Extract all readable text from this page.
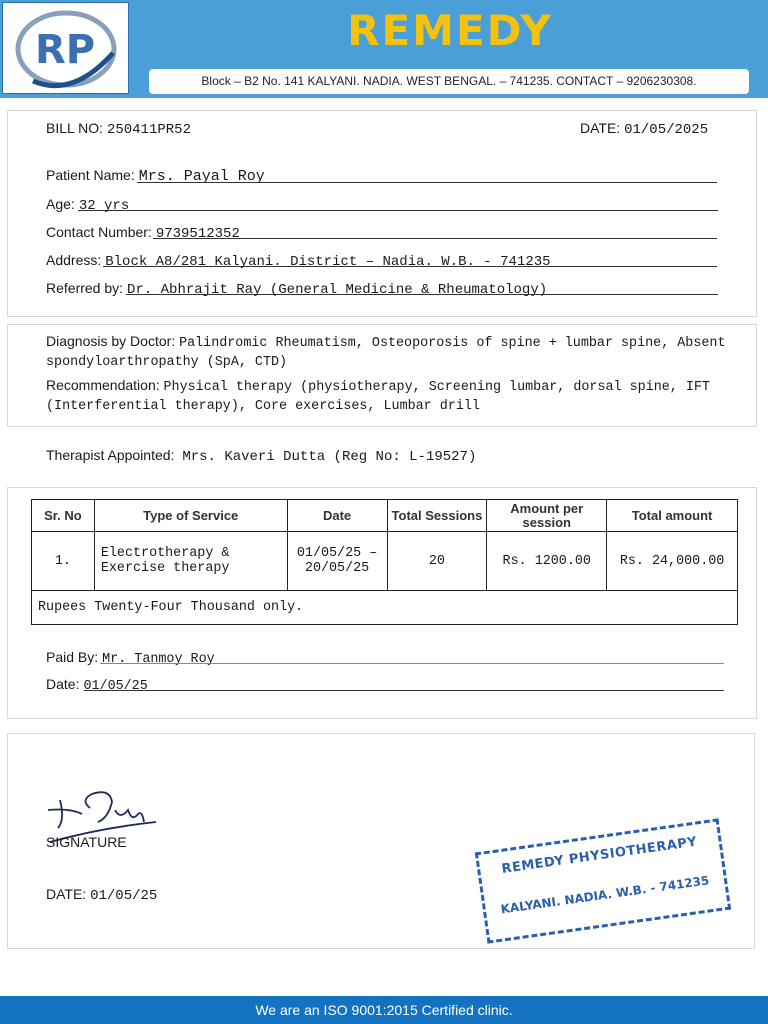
RP	REMEDY
Block – B2 No. 141 KALYANI. NADIA. WEST BENGAL. – 741235. CONTACT – 9206230308.
BILL NO: 250411PR52	DATE: 01/05/2025
Patient Name: Mrs. Payal Roy
Age: 32 yrs
Contact Number: 9739512352
Address: Block A8/281 Kalyani. District – Nadia. W.B. - 741235
Referred by: Dr. Abhrajit Ray (General Medicine & Rheumatology)
Diagnosis by Doctor: Palindromic Rheumatism, Osteoporosis of spine + lumbar spine, Absent spondyloarthropathy (SpA, CTD)
Recommendation: Physical therapy (physiotherapy, Screening lumbar, dorsal spine, IFT (Interferential therapy), Core exercises, Lumbar drill
Therapist Appointed: Mrs. Kaveri Dutta (Reg No: L-19527)
Sr. No	Type of Service	Date	Total Sessions	Amount per session	Total amount
1.	Electrotherapy & Exercise therapy	01/05/25 – 20/05/25	20	Rs. 1200.00	Rs. 24,000.00
Rupees Twenty-Four Thousand only.					
Paid By: Mr. Tanmoy Roy
Date: 01/05/25
SIGNATURE
DATE: 01/05/25
REMEDY PHYSIOTHERAPY
KALYANI. NADIA. W.B. - 741235
We are an ISO 9001:2015 Certified clinic.
